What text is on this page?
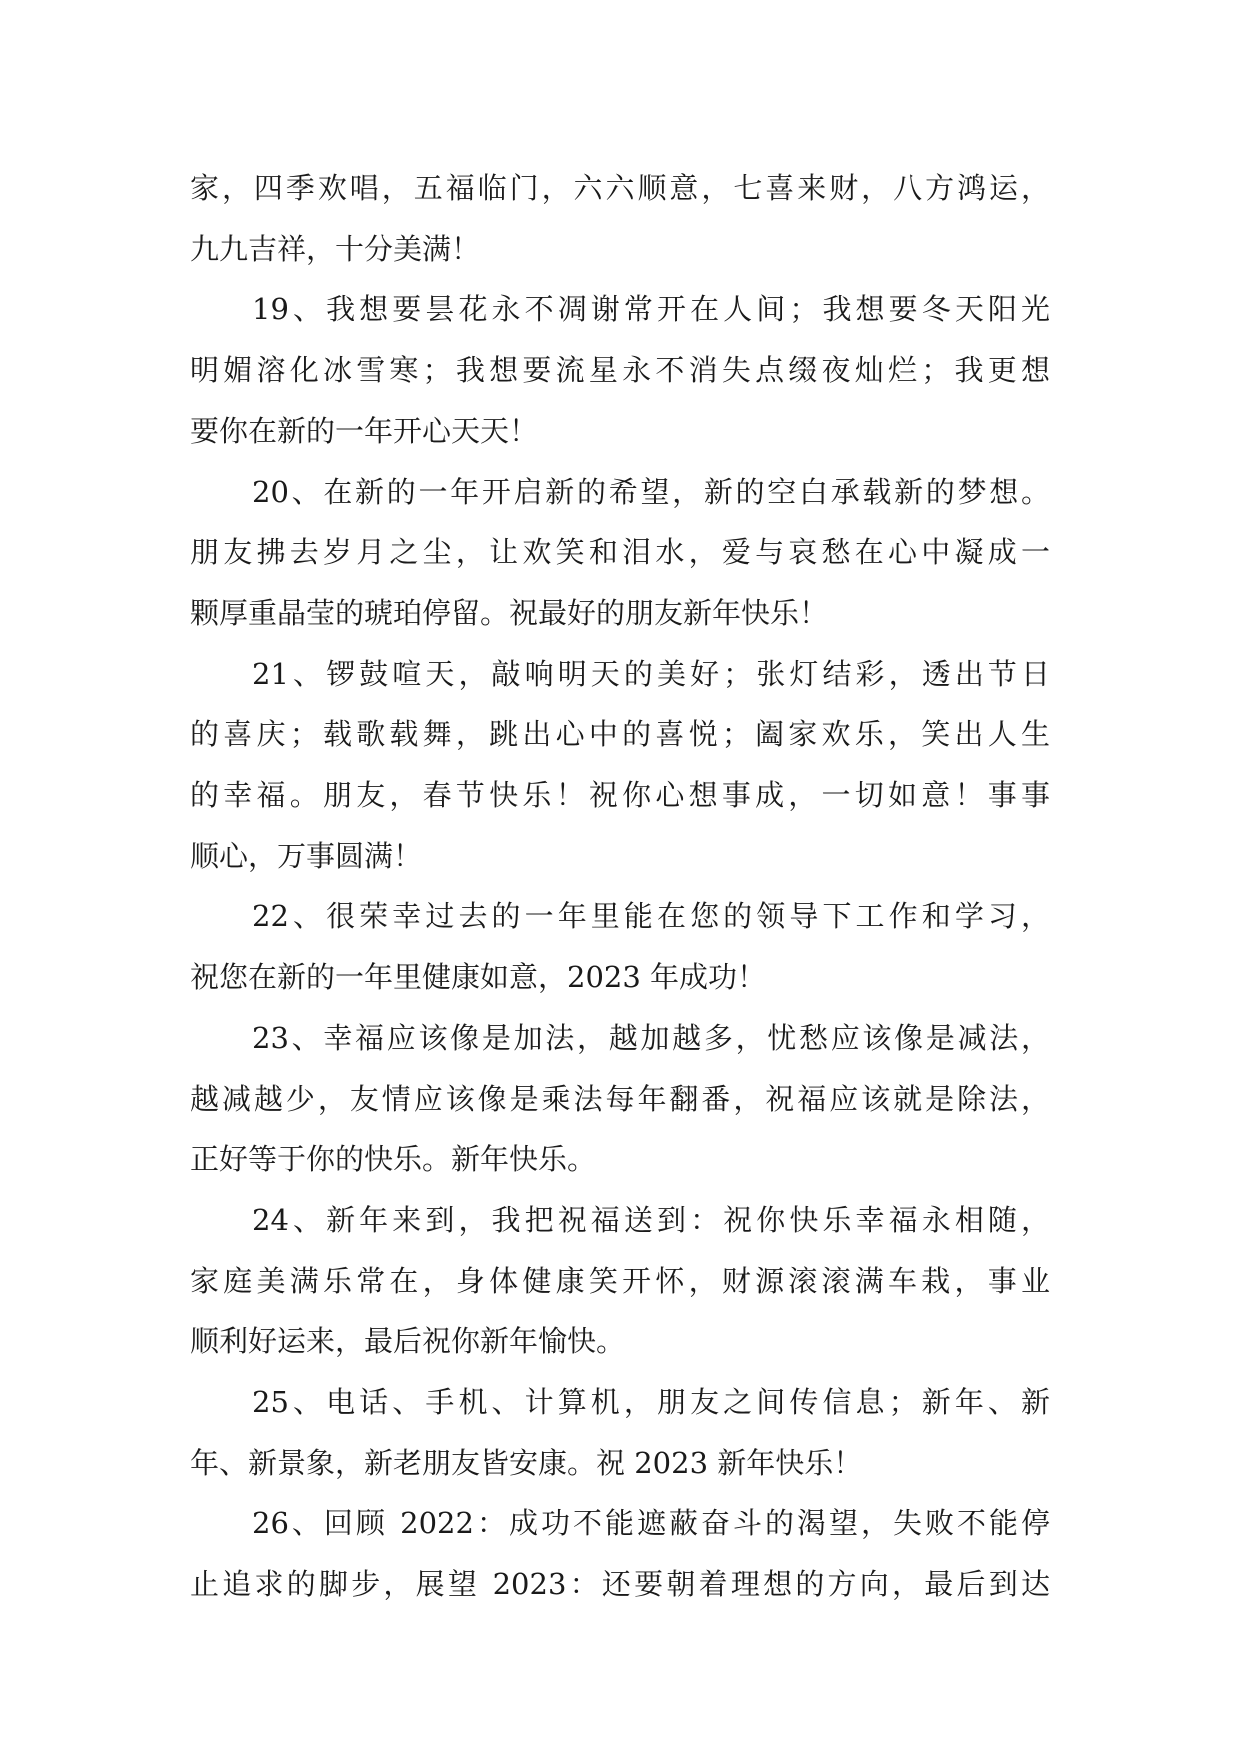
家，四季欢唱，五福临门，六六顺意，七喜来财，八方鸿运，
九九吉祥，十分美满！
19、我想要昙花永不凋谢常开在人间；我想要冬天阳光
明媚溶化冰雪寒；我想要流星永不消失点缀夜灿烂；我更想
要你在新的一年开心天天！
20、在新的一年开启新的希望，新的空白承载新的梦想。
朋友拂去岁月之尘，让欢笑和泪水，爱与哀愁在心中凝成一
颗厚重晶莹的琥珀停留。祝最好的朋友新年快乐！
21、锣鼓喧天，敲响明天的美好；张灯结彩，透出节日
的喜庆；载歌载舞，跳出心中的喜悦；阖家欢乐，笑出人生
的幸福。朋友，春节快乐！祝你心想事成，一切如意！事事
顺心，万事圆满！
22、很荣幸过去的一年里能在您的领导下工作和学习，
祝您在新的一年里健康如意，2023 年成功！
23、幸福应该像是加法，越加越多，忧愁应该像是减法，
越减越少，友情应该像是乘法每年翻番，祝福应该就是除法，
正好等于你的快乐。新年快乐。
24、新年来到，我把祝福送到：祝你快乐幸福永相随，
家庭美满乐常在，身体健康笑开怀，财源滚滚满车栽，事业
顺利好运来，最后祝你新年愉快。
25、电话、手机、计算机，朋友之间传信息；新年、新
年、新景象，新老朋友皆安康。祝 2023 新年快乐！
26、回顾 2022：成功不能遮蔽奋斗的渴望，失败不能停
止追求的脚步，展望 2023：还要朝着理想的方向，最后到达
